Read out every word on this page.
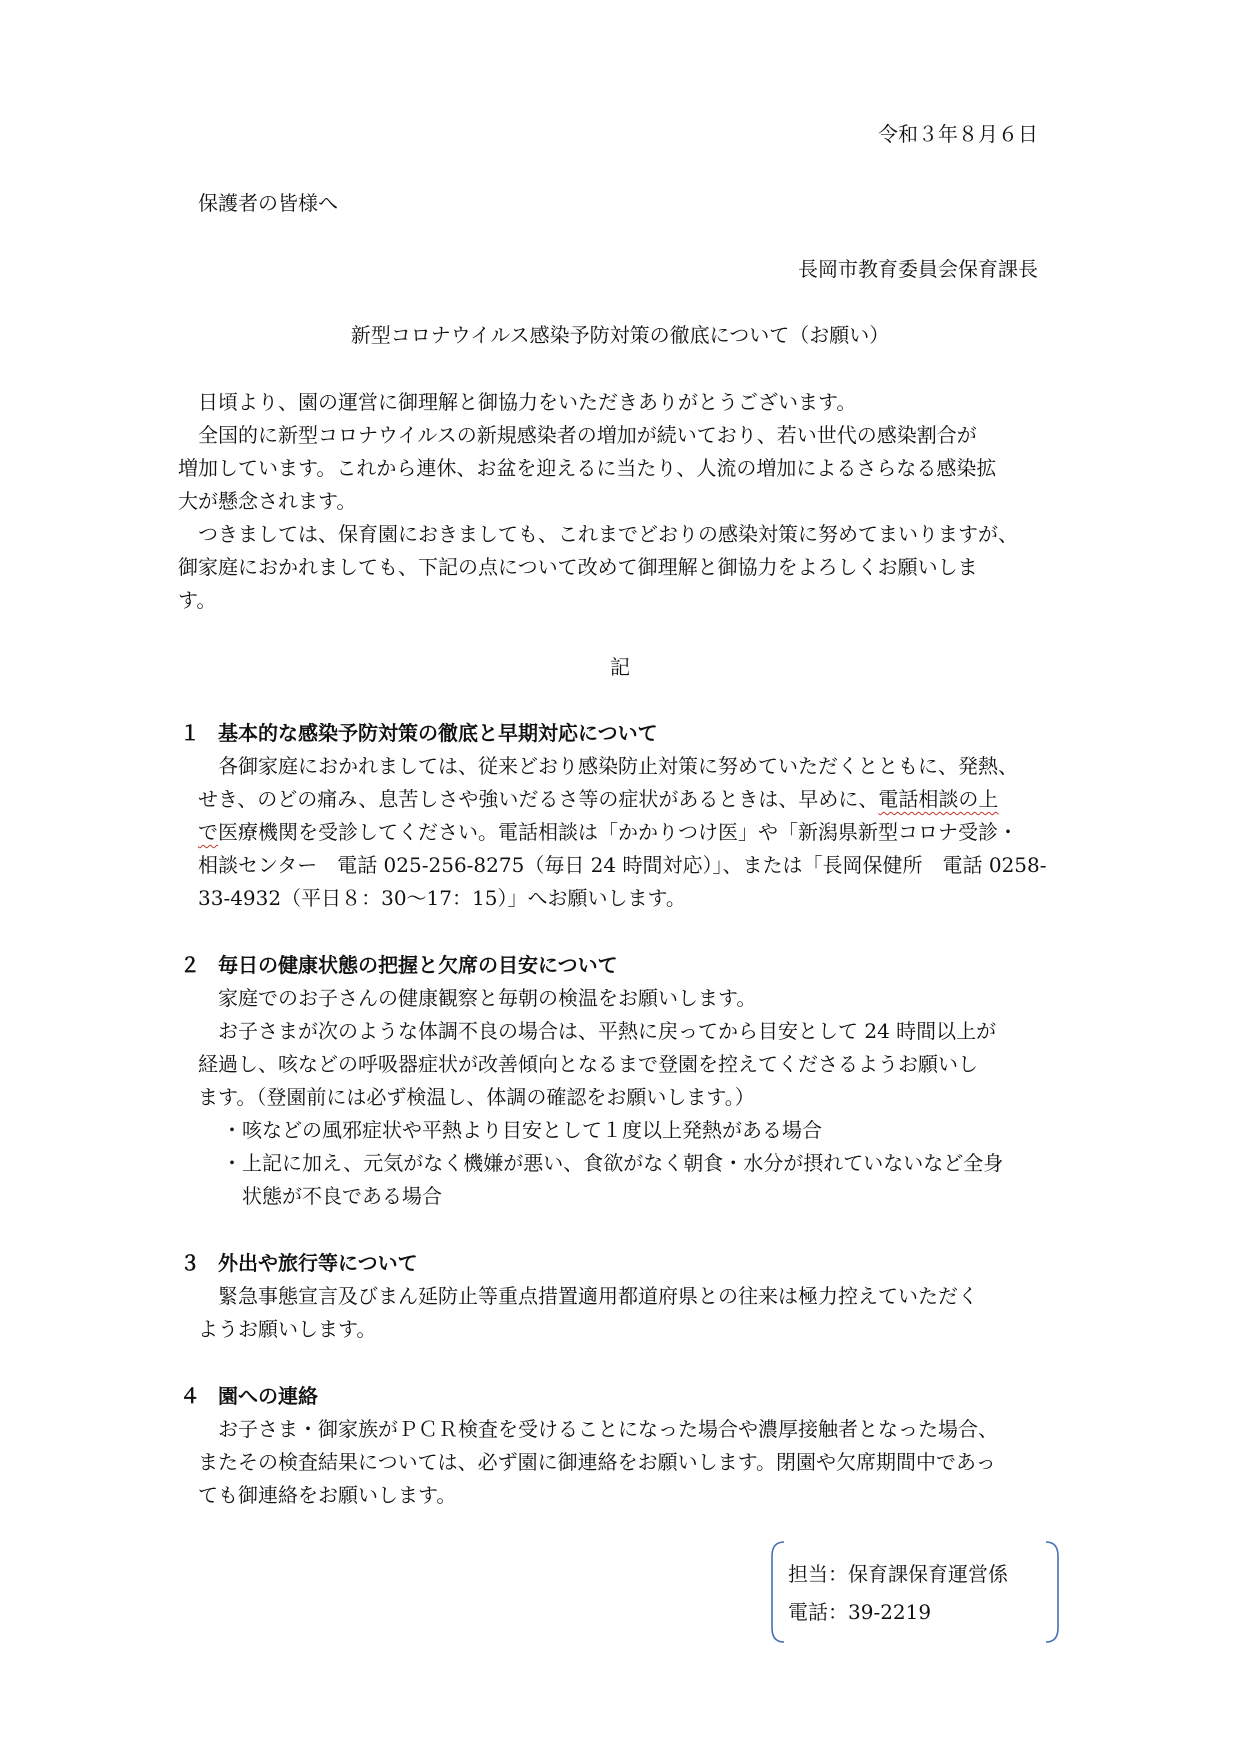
令和３年８月６日
保護者の皆様へ
長岡市教育委員会保育課長
新型コロナウイルス感染予防対策の徹底について（お願い）
日頃より、園の運営に御理解と御協力をいただきありがとうございます。
全国的に新型コロナウイルスの新規感染者の増加が続いており、若い世代の感染割合が
増加しています。これから連休、お盆を迎えるに当たり、人流の増加によるさらなる感染拡
大が懸念されます。
つきましては、保育園におきましても、これまでどおりの感染対策に努めてまいりますが、
御家庭におかれましても、下記の点について改めて御理解と御協力をよろしくお願いしま
す。
記
１ 基本的な感染予防対策の徹底と早期対応について
各御家庭におかれましては、従来どおり感染防止対策に努めていただくとともに、発熱、
せき、のどの痛み、息苦しさや強いだるさ等の症状があるときは、早めに、電話相談の上
で医療機関を受診してください。電話相談は「かかりつけ医」や「新潟県新型コロナ受診・
相談センター　電話 025-256-8275（毎日 24 時間対応）」、または「長岡保健所　電話 0258-
33-4932（平日８：30～17：15）」へお願いします。
２ 毎日の健康状態の把握と欠席の目安について
家庭でのお子さんの健康観察と毎朝の検温をお願いします。
お子さまが次のような体調不良の場合は、平熱に戻ってから目安として 24 時間以上が
経過し、咳などの呼吸器症状が改善傾向となるまで登園を控えてくださるようお願いし
ます。（登園前には必ず検温し、体調の確認をお願いします。）
・咳などの風邪症状や平熱より目安として１度以上発熱がある場合
・上記に加え、元気がなく機嫌が悪い、食欲がなく朝食・水分が摂れていないなど全身
状態が不良である場合
３ 外出や旅行等について
緊急事態宣言及びまん延防止等重点措置適用都道府県との往来は極力控えていただく
ようお願いします。
４ 園への連絡
お子さま・御家族がＰＣＲ検査を受けることになった場合や濃厚接触者となった場合、
またその検査結果については、必ず園に御連絡をお願いします。閉園や欠席期間中であっ
ても御連絡をお願いします。
担当：保育課保育運営係
電話：39-2219
